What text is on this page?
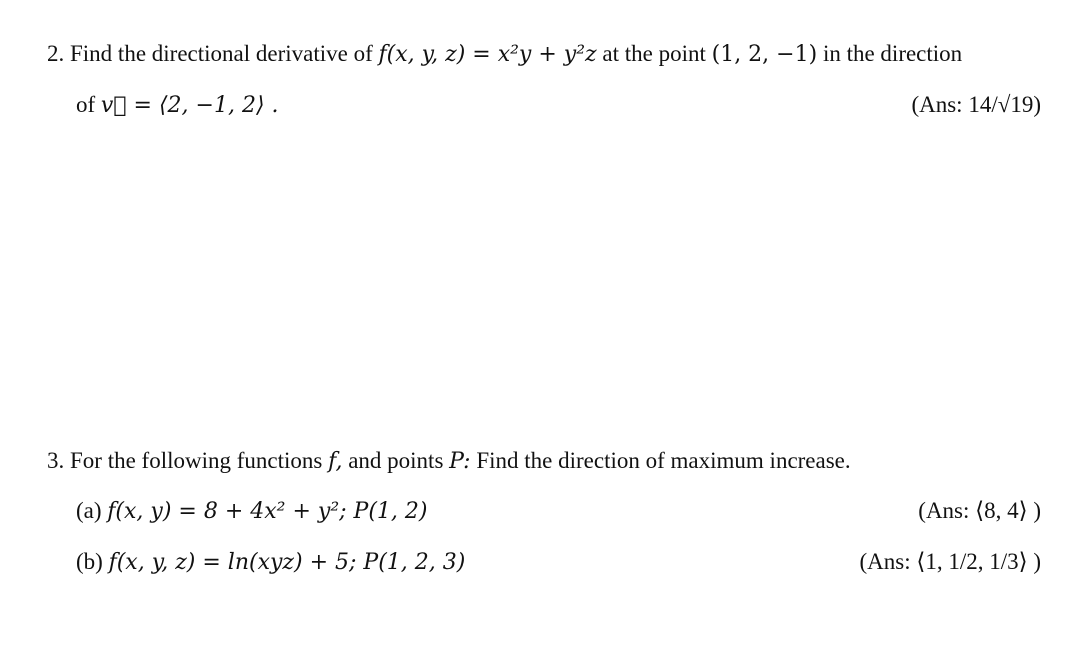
2. Find the directional derivative of f(x, y, z) = x²y + y²z at the point (1, 2, −1) in the direction
of v⃗ = ⟨2, −1, 2⟩ .	(Ans: 14/√19)
3. For the following functions f, and points P: Find the direction of maximum increase.
(a) f(x, y) = 8 + 4x² + y²; P(1, 2)	(Ans: ⟨8, 4⟩ )
(b) f(x, y, z) = ln(xyz) + 5; P(1, 2, 3)	(Ans: ⟨1, 1/2, 1/3⟩ )
